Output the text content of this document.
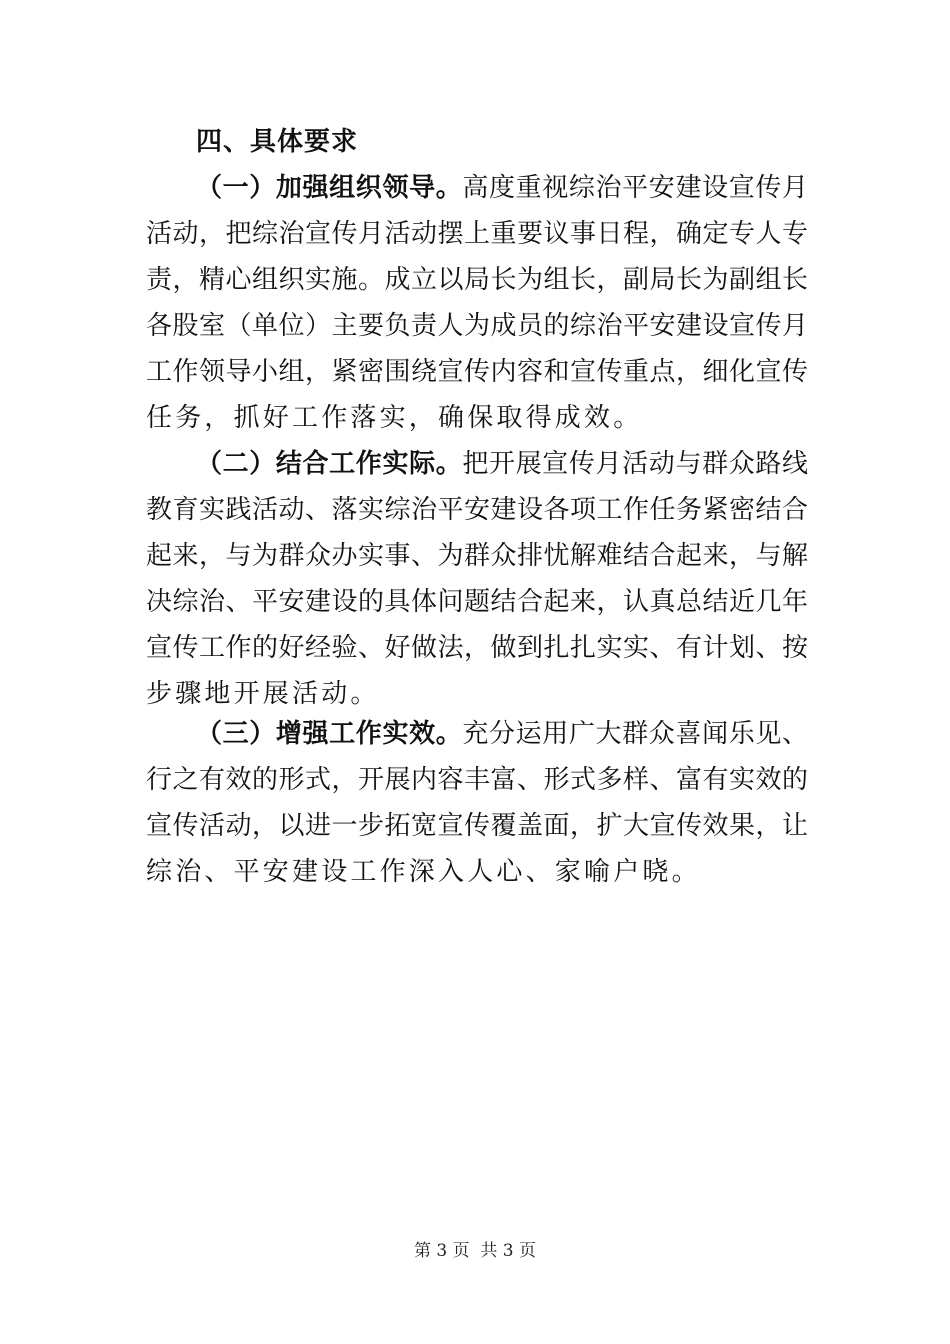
四、具体要求
（一）加强组织领导。高度重视综治平安建设宣传月
活动，把综治宣传月活动摆上重要议事日程，确定专人专
责，精心组织实施。成立以局长为组长，副局长为副组长
各股室（单位）主要负责人为成员的综治平安建设宣传月
工作领导小组，紧密围绕宣传内容和宣传重点，细化宣传
任务，抓好工作落实，确保取得成效。
（二）结合工作实际。把开展宣传月活动与群众路线
教育实践活动、落实综治平安建设各项工作任务紧密结合
起来，与为群众办实事、为群众排忧解难结合起来，与解
决综治、平安建设的具体问题结合起来，认真总结近几年
宣传工作的好经验、好做法，做到扎扎实实、有计划、按
步骤地开展活动。
（三）增强工作实效。充分运用广大群众喜闻乐见、
行之有效的形式，开展内容丰富、形式多样、富有实效的
宣传活动，以进一步拓宽宣传覆盖面，扩大宣传效果，让
综治、平安建设工作深入人心、家喻户晓。
第 3 页  共 3 页
